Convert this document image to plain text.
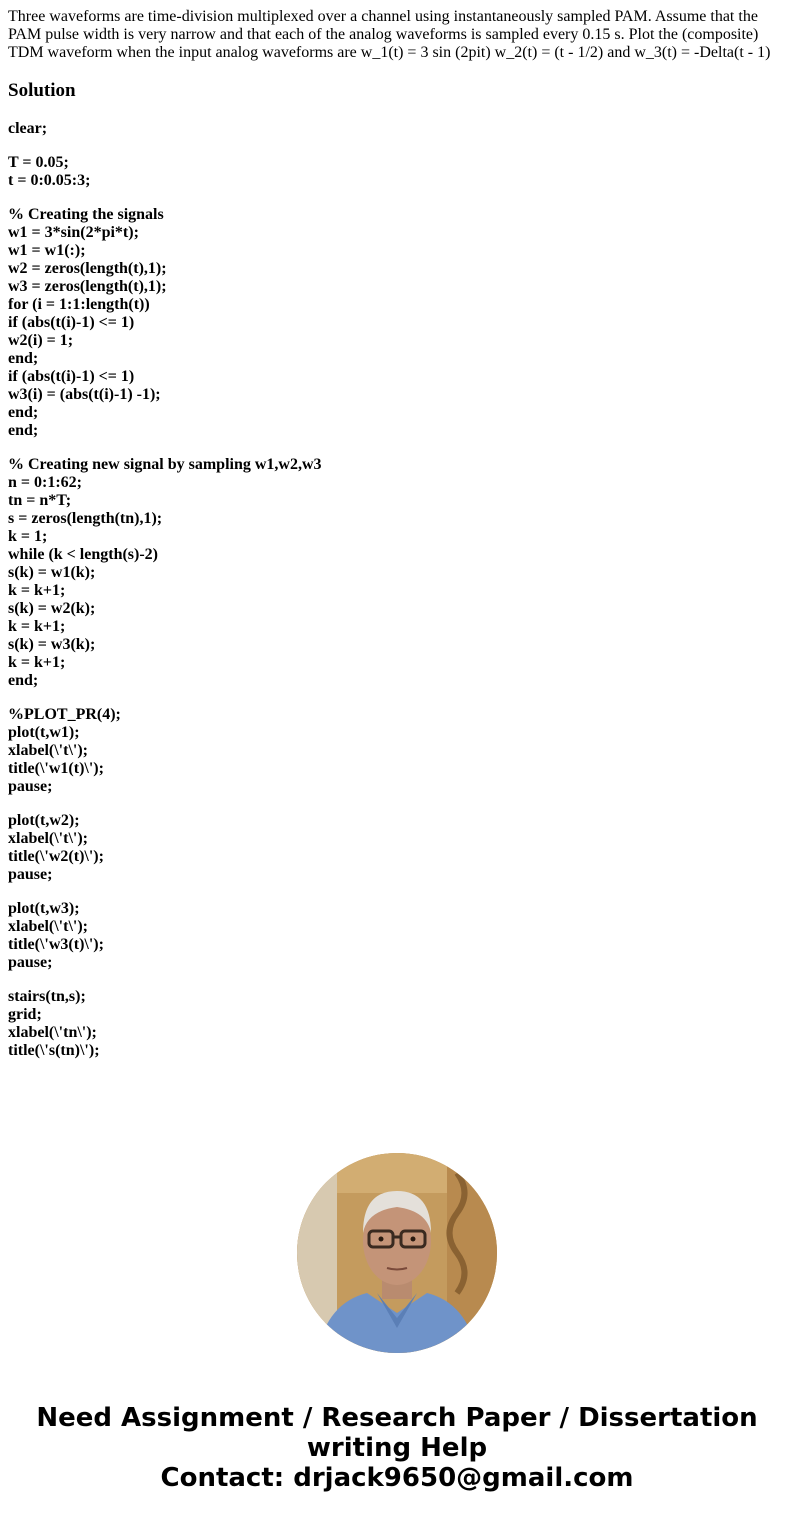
Three waveforms are time-division multiplexed over a channel using instantaneously sampled PAM. Assume that the PAM pulse width is very narrow and that each of the analog waveforms is sampled every 0.15 s. Plot the (composite) TDM waveform when the input analog waveforms are w_1(t) = 3 sin (2pit) w_2(t) = (t - 1/2) and w_3(t) = -Delta(t - 1)

Solution
clear;
T = 0.05;
t = 0:0.05:3;
% Creating the signals
w1 = 3*sin(2*pi*t);
w1 = w1(:);
w2 = zeros(length(t),1);
w3 = zeros(length(t),1);
for (i = 1:1:length(t))
if (abs(t(i)-1) <= 1)
w2(i) = 1;
end;
if (abs(t(i)-1) <= 1)
w3(i) = (abs(t(i)-1) -1);
end;
end;
% Creating new signal by sampling w1,w2,w3
n = 0:1:62;
tn = n*T;
s = zeros(length(tn),1);
k = 1;
while (k < length(s)-2)
s(k) = w1(k);
k = k+1;
s(k) = w2(k);
k = k+1;
s(k) = w3(k);
k = k+1;
end;
%PLOT_PR(4);
plot(t,w1);
xlabel(\'t\');
title(\'w1(t)\');
pause;
plot(t,w2);
xlabel(\'t\');
title(\'w2(t)\');
pause;
plot(t,w3);
xlabel(\'t\');
title(\'w3(t)\');
pause;
stairs(tn,s);
grid;
xlabel(\'tn\');
title(\'s(tn)\');
Need Assignment / Research Paper / Dissertation
writing Help
Contact: drjack9650@gmail.com
